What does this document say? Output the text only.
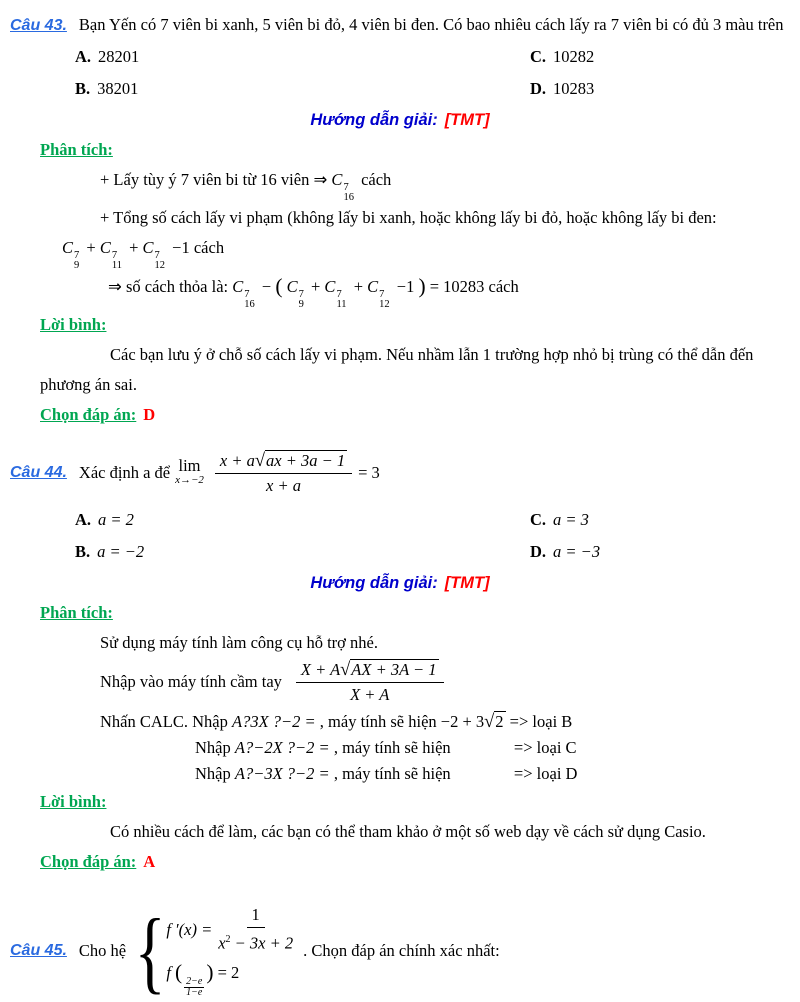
Câu 43. Bạn Yến có 7 viên bi xanh, 5 viên bi đỏ, 4 viên bi đen. Có bao nhiêu cách lấy ra 7 viên bi có đủ 3 màu trên
A. 28201	C. 10282
B. 38201	D. 10283
Hướng dẫn giải: [TMT]
Phân tích:
+ Lấy tùy ý 7 viên bi từ 16 viên ⇒ C 7
16
cách
+ Tổng số cách lấy vi phạm (không lấy bi xanh, hoặc không lấy bi đỏ, hoặc không lấy bi đen:
C 7
9
+ C 7
11
+ C 7
12
−1 cách
⇒ số cách thỏa là: C 7
16
− ( C 7
9
+ C 7
11
+ C 7
12
−1 ) = 10283 cách
Lời bình:
Các bạn lưu ý ở chỗ số cách lấy vi phạm. Nếu nhầm lẫn 1 trường hợp nhỏ bị trùng có thể dẫn đến
phương án sai.
Chọn đáp án: D
Câu 44. Xác định a để lim
$x\to-2 \frac{x + a√ax + 3a - 1}{x + a} = 3$
A. a = 2	C. a = 3
B. a = −2	D. a = −3
Hướng dẫn giải: [TMT]
Phân tích:
Sử dụng máy tính làm công cụ hỗ trợ nhé.
Nhập vào máy tính cầm tay $\frac{X + A√AX + 3A - 1}{X + A}$
Nhấn CALC. Nhập A?3X ?−2 = , máy tính sẽ hiện −2 + 3√2 => loại B
Nhập A?−2X ?−2 = , máy tính sẽ hiện	=> loại C
Nhập A?−3X ?−2 = , máy tính sẽ hiện	=> loại D
Lời bình:
Có nhiều cách để làm, các bạn có thể tham khảo ở một số web dạy về cách sử dụng Casio.
Chọn đáp án: A
Câu 45. Cho hệ { f $'(x) = \frac{1}{x^2 - 3x + 2}$
f (
$\frac{2-e}{1-e}$
) = 2
. Chọn đáp án chính xác nhất:
